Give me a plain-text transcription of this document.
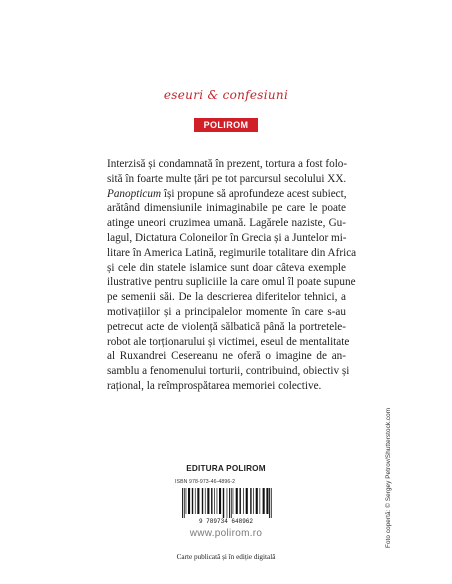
eseuri & confesiuni
POLIROM

Interzisă și condamnată în prezent, tortura a fost folo-
sită în foarte multe țări pe tot parcursul secolului XX.
Panopticum își propune să aprofundeze acest subiect,
arătând dimensiunile inimaginabile pe care le poate
atinge uneori cruzimea umană. Lagărele naziste, Gu-
lagul, Dictatura Coloneilor în Grecia și a Juntelor mi-
litare în America Latină, regimurile totalitare din Africa
și cele din statele islamice sunt doar câteva exemple
ilustrative pentru supliciile la care omul îl poate supune
pe semenii săi. De la descrierea diferitelor tehnici, a
motivațiilor și a principalelor momente în care s-au
petrecut acte de violență sălbatică până la portretele-
robot ale torționarului și victimei, eseul de mentalitate
al Ruxandrei Cesereanu ne oferă o imagine de an-
samblu a fenomenului torturii, contribuind, obiectiv și
rațional, la reîmprospătarea memoriei colective.

Foto copertă: © Sergey Petrov/Shutterstock.com
EDITURA POLIROM
ISBN 978-973-46-4896-2
9 789734 648962
www.polirom.ro
Carte publicată și în ediție digitală
